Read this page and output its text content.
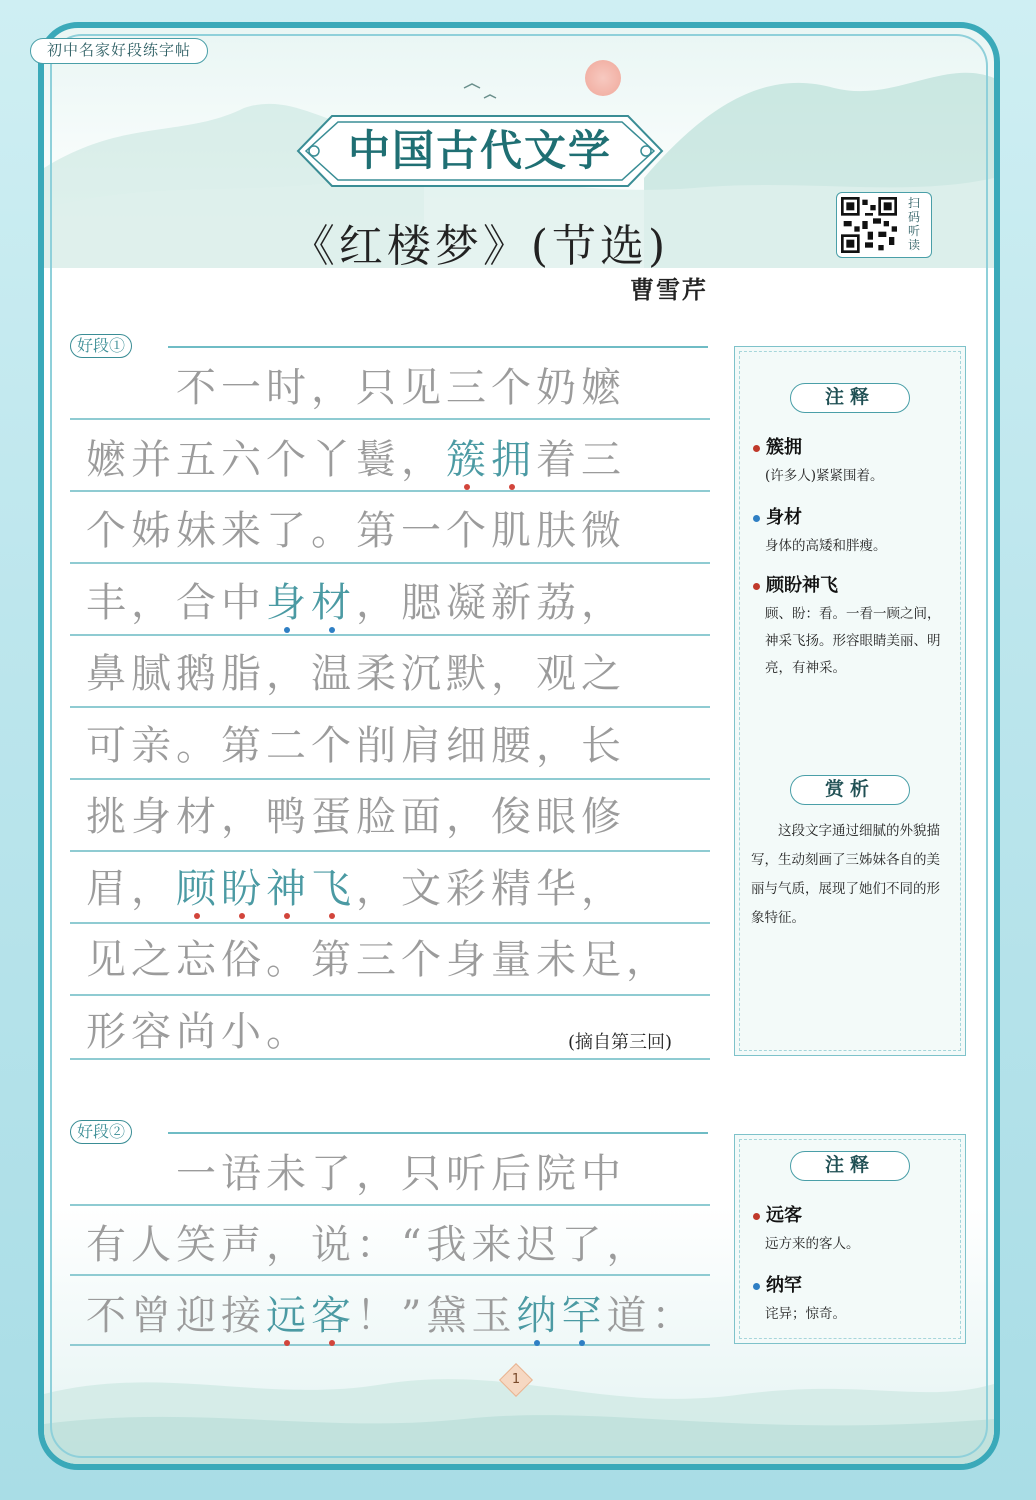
初中名家好段练字帖
中国古代文学
《红楼梦》(节选)
曹雪芹
扫码听读
好段①
　　不一时，只见三个奶嬷
嬷并五六个丫鬟，簇拥着三
个姊妹来了。第一个肌肤微
丰，合中身材，腮凝新荔，
鼻腻鹅脂，温柔沉默，观之
可亲。第二个削肩细腰，长
挑身材，鸭蛋脸面，俊眼修
眉，顾盼神飞，文彩精华，
见之忘俗。第三个身量未足，
形容尚小。	(摘自第三回)
注释
簇拥
(许多人)紧紧围着。
身材
身体的高矮和胖瘦。
顾盼神飞
顾、盼：看。一看一顾之间，神采飞扬。形容眼睛美丽、明亮，有神采。
赏析
这段文字通过细腻的外貌描写，生动刻画了三姊妹各自的美丽与气质，展现了她们不同的形象特征。
好段②
　　一语未了，只听后院中
有人笑声，说：“我来迟了，
不曾迎接远客！”黛玉纳罕道：
注释
远客
远方来的客人。
纳罕
诧异；惊奇。
1
